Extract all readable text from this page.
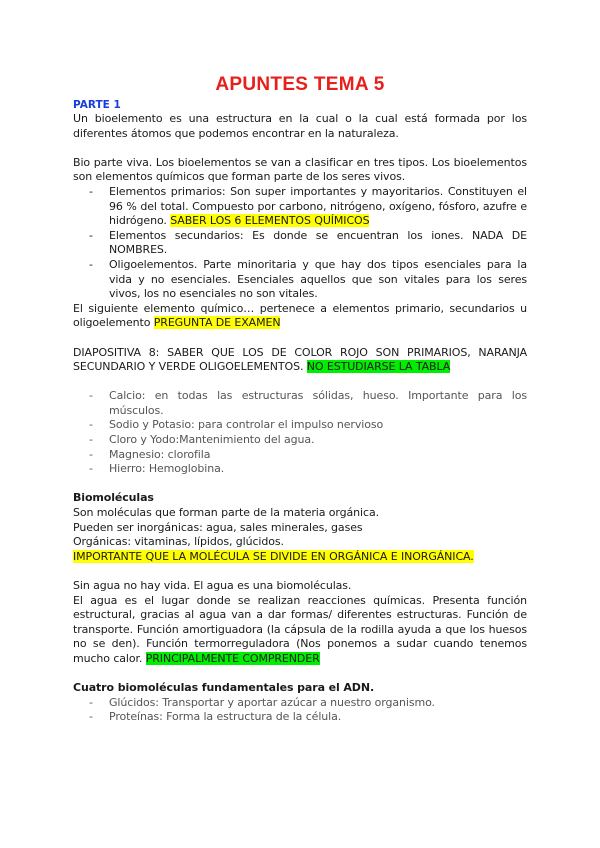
APUNTES TEMA 5
PARTE 1

Un bioelemento es una estructura en la cual o la cual está formada por los diferentes átomos que podemos encontrar en la naturaleza.

Bio parte viva. Los bioelementos se van a clasificar en tres tipos. Los bioelementos son elementos químicos que forman parte de los seres vivos.

- Elementos primarios: Son super importantes y mayoritarios. Constituyen el 96 % del total. Compuesto por carbono, nitrógeno, oxígeno, fósforo, azufre e hidrógeno. SABER LOS 6 ELEMENTOS QUÍMICOS
- Elementos secundarios: Es donde se encuentran los iones. NADA DE NOMBRES.
- Oligoelementos. Parte minoritaria y que hay dos tipos esenciales para la vida y no esenciales. Esenciales aquellos que son vitales para los seres vivos, los no esenciales no son vitales.

El siguiente elemento químico… pertenece a elementos primario, secundarios u oligoelemento PREGUNTA DE EXAMEN

DIAPOSITIVA 8: SABER QUE LOS DE COLOR ROJO SON PRIMARIOS, NARANJA SECUNDARIO Y VERDE OLIGOELEMENTOS. NO ESTUDIARSE LA TABLA

- Calcio: en todas las estructuras sólidas, hueso. Importante para los músculos.
- Sodio y Potasio: para controlar el impulso nervioso
- Cloro y Yodo:Mantenimiento del agua.
- Magnesio: clorofila
- Hierro: Hemoglobina.

Biomoléculas

Son moléculas que forman parte de la materia orgánica.

Pueden ser inorgánicas: agua, sales minerales, gases

Orgánicas: vitaminas, lípidos, glúcidos.

IMPORTANTE QUE LA MOLÉCULA SE DIVIDE EN ORGÁNICA E INORGÁNICA.

Sin agua no hay vida. El agua es una biomoléculas.

El agua es el lugar donde se realizan reacciones químicas. Presenta función estructural, gracias al agua van a dar formas/ diferentes estructuras. Función de transporte. Función amortiguadora (la cápsula de la rodilla ayuda a que los huesos no se den). Función termorreguladora (Nos ponemos a sudar cuando tenemos mucho calor. PRINCIPALMENTE COMPRENDER

Cuatro biomoléculas fundamentales para el ADN.

- Glúcidos: Transportar y aportar azúcar a nuestro organismo.
- Proteínas: Forma la estructura de la célula.
